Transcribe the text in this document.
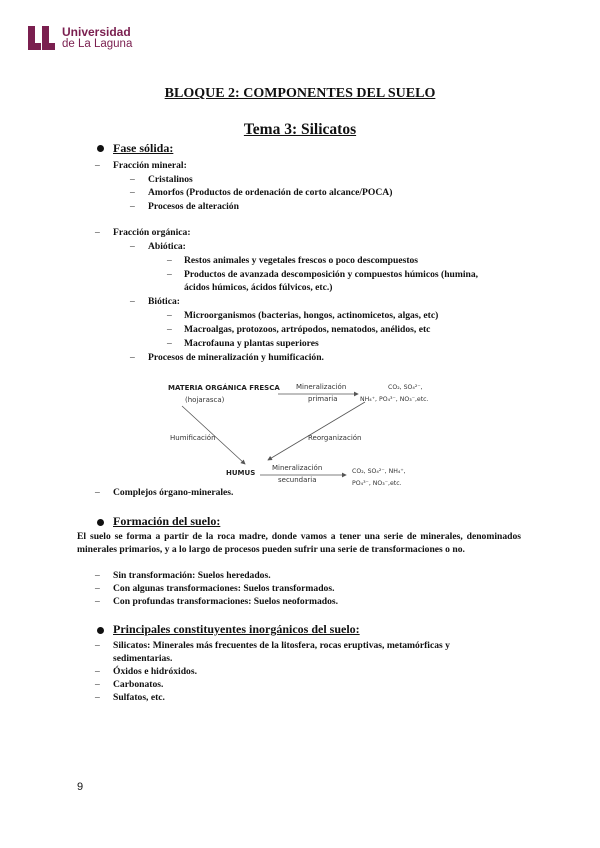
Universidad
de La Laguna
BLOQUE 2: COMPONENTES DEL SUELO
Tema 3: Silicatos
Fase sólida:
– Fracción mineral:
– Cristalinos
– Amorfos (Productos de ordenación de corto alcance/POCA)
– Procesos de alteración
– Fracción orgánica:
– Abiótica:
– Restos animales y vegetales frescos o poco descompuestos
– Productos de avanzada descomposición y compuestos húmicos (humina,
ácidos húmicos, ácidos fúlvicos, etc.)
– Biótica:
– Microorganismos (bacterias, hongos, actinomicetos, algas, etc)
– Macroalgas, protozoos, artrópodos, nematodos, anélidos, etc
– Macrofauna y plantas superiores
– Procesos de mineralización y humificación.
MATERIA ORGÁNICA FRESCA
(hojarasca)
Mineralización
primaria
CO₂, SO₄²⁻,
NH₄⁺, PO₄³⁻, NO₃⁻,etc.
Humificación	Reorganización
HUMUS
Mineralización
secundaria
CO₂, SO₄²⁻, NH₄⁺,
PO₄³⁻, NO₃⁻,etc.
– Complejos órgano-minerales.
Formación del suelo:
El suelo se forma a partir de la roca madre, donde vamos a tener una serie de minerales, denominados minerales primarios, y a lo largo de procesos pueden sufrir una serie de transformaciones o no.
– Sin transformación: Suelos heredados.
– Con algunas transformaciones: Suelos transformados.
– Con profundas transformaciones: Suelos neoformados.
Principales constituyentes inorgánicos del suelo:
– Silicatos: Minerales más frecuentes de la litosfera, rocas eruptivas, metamórficas y
sedimentarias.
– Óxidos e hidróxidos.
– Carbonatos.
– Sulfatos, etc.
9
